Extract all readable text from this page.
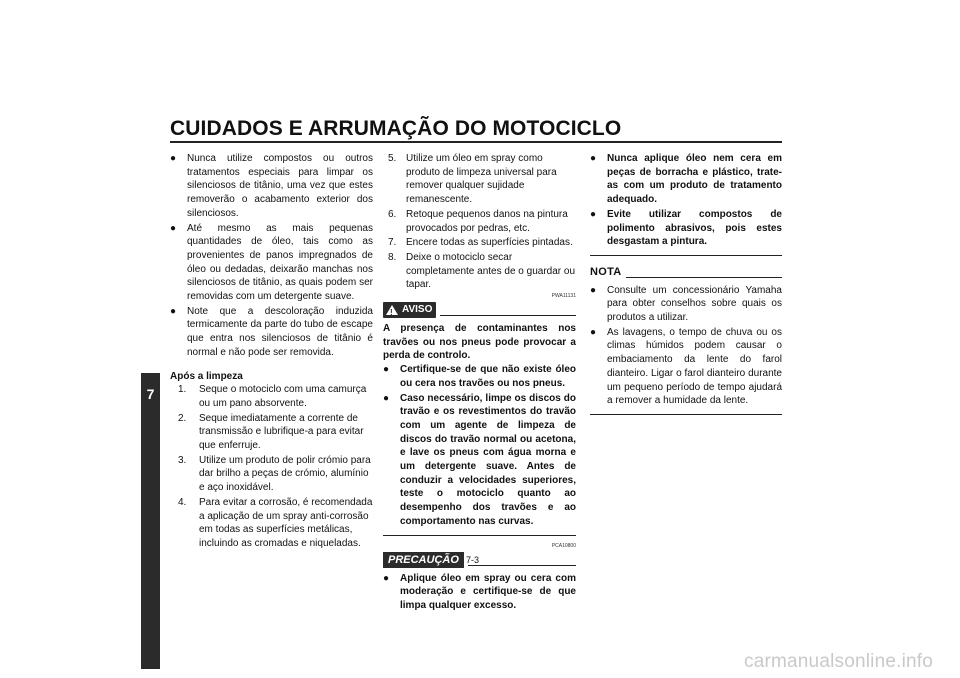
CUIDADOS E ARRUMAÇÃO DO MOTOCICLO
7
● Nunca utilize compostos ou outros tratamentos especiais para limpar os silenciosos de titânio, uma vez que estes removerão o acabamento exterior dos silenciosos.
● Até mesmo as mais pequenas quantidades de óleo, tais como as provenientes de panos impregnados de óleo ou dedadas, deixarão manchas nos silenciosos de titânio, as quais podem ser removidas com um detergente suave.
● Note que a descoloração induzida termicamente da parte do tubo de escape que entra nos silenciosos de titânio é normal e não pode ser removida.
Após a limpeza
1. Seque o motociclo com uma camurça ou um pano absorvente.
2. Seque imediatamente a corrente de transmissão e lubrifique-a para evitar que enferruje.
3. Utilize um produto de polir crómio para dar brilho a peças de crómio, alumínio e aço inoxidável.
4. Para evitar a corrosão, é recomendada a aplicação de um spray anti-corrosão em todas as superfícies metálicas, incluindo as cromadas e niqueladas.
5. Utilize um óleo em spray como produto de limpeza universal para remover qualquer sujidade remanescente.
6. Retoque pequenos danos na pintura provocados por pedras, etc.
7. Encere todas as superfícies pintadas.
8. Deixe o motociclo secar completamente antes de o guardar ou tapar.
PWA11131
!
AVISO
A presença de contaminantes nos travões ou nos pneus pode provocar a perda de controlo.
● Certifique-se de que não existe óleo ou cera nos travões ou nos pneus.
● Caso necessário, limpe os discos do travão e os revestimentos do travão com um agente de limpeza de discos do travão normal ou acetona, e lave os pneus com água morna e um detergente suave. Antes de conduzir a velocidades superiores, teste o motociclo quanto ao desempenho dos travões e ao comportamento nas curvas.
PCA10800
PRECAUÇÃO
● Aplique óleo em spray ou cera com moderação e certifique-se de que limpa qualquer excesso.
● Nunca aplique óleo nem cera em peças de borracha e plástico, trate-as com um produto de tratamento adequado.
● Evite utilizar compostos de polimento abrasivos, pois estes desgastam a pintura.
NOTA
● Consulte um concessionário Yamaha para obter conselhos sobre quais os produtos a utilizar.
● As lavagens, o tempo de chuva ou os climas húmidos podem causar o embaciamento da lente do farol dianteiro. Ligar o farol dianteiro durante um pequeno período de tempo ajudará a remover a humidade da lente.
7-3
carmanualsonline.info
